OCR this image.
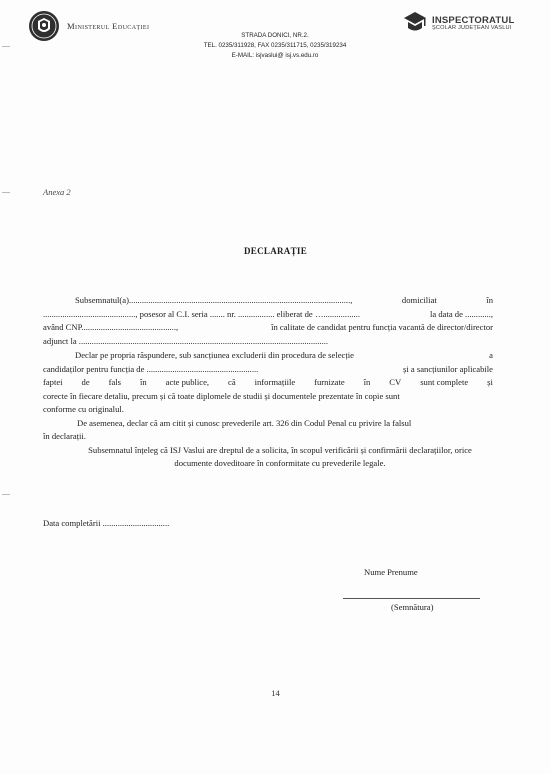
Ministerul Educației
STRADA DONICI, NR.2.
TEL. 0235/311928, FAX 0235/311715, 0235/319234
E-MAIL: isjvaslui@ isj.vs.edu.ro
INSPECTORATUL
ȘCOLAR JUDEȚEAN VASLUI
Anexa 2
DECLARAȚIE
Subsemnatul(a).......................................................................................................,	domiciliat	în
..........................................., posesor al C.I. seria ....... nr. ................. eliberat de ….................	la data de ............,
având CNP............................................,	în calitate de candidat pentru funcția vacantă de director/director
adjunct la ....................................................................................................................
Declar pe propria răspundere, sub sancțiunea excluderii din procedura de selecție	a
candidaților pentru funcția de ....................................................	și a sancțiunilor aplicabile
faptei de fals în acte publice, că informațiile furnizate în CV sunt complete și
corecte în fiecare detaliu, precum și că toate diplomele de studii și documentele prezentate în copie sunt
conforme cu originalul.
De asemenea, declar că am citit și cunosc prevederile art. 326 din Codul Penal cu privire la falsul
în declarații.
Subsemnatul înțeleg că ISJ Vaslui are dreptul de a solicita, în scopul verificării și confirmării declarațiilor, orice
documente doveditoare în conformitate cu prevederile legale.
Data completării ...............................
Nume Prenume
(Semnătura)
14
